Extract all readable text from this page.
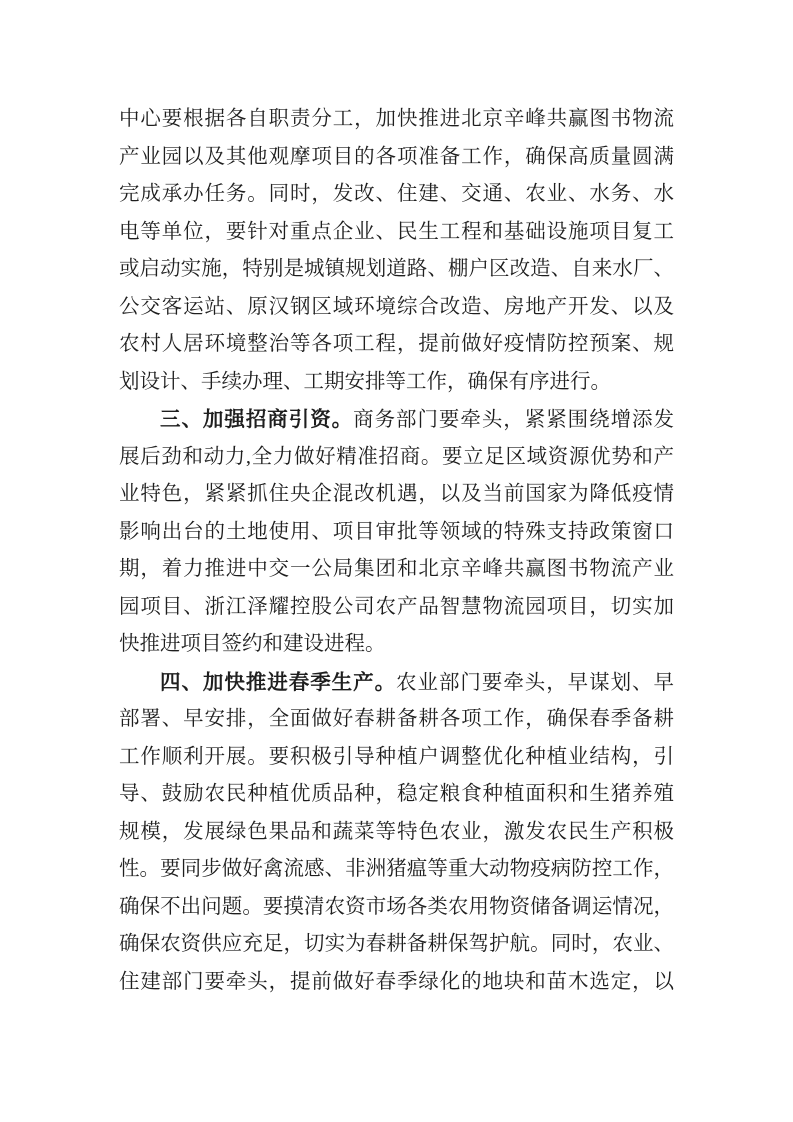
中心要根据各自职责分工，加快推进北京辛峰共赢图书物流
产业园以及其他观摩项目的各项准备工作，确保高质量圆满
完成承办任务。同时，发改、住建、交通、农业、水务、水
电等单位，要针对重点企业、民生工程和基础设施项目复工
或启动实施，特别是城镇规划道路、棚户区改造、自来水厂、
公交客运站、原汉钢区域环境综合改造、房地产开发、以及
农村人居环境整治等各项工程，提前做好疫情防控预案、规
划设计、手续办理、工期安排等工作，确保有序进行。
三、加强招商引资。商务部门要牵头，紧紧围绕增添发
展后劲和动力,全力做好精准招商。要立足区域资源优势和产
业特色，紧紧抓住央企混改机遇，以及当前国家为降低疫情
影响出台的土地使用、项目审批等领域的特殊支持政策窗口
期，着力推进中交一公局集团和北京辛峰共赢图书物流产业
园项目、浙江泽耀控股公司农产品智慧物流园项目，切实加
快推进项目签约和建设进程。
四、加快推进春季生产。农业部门要牵头，早谋划、早
部署、早安排，全面做好春耕备耕各项工作，确保春季备耕
工作顺利开展。要积极引导种植户调整优化种植业结构，引
导、鼓励农民种植优质品种，稳定粮食种植面积和生猪养殖
规模，发展绿色果品和蔬菜等特色农业，激发农民生产积极
性。要同步做好禽流感、非洲猪瘟等重大动物疫病防控工作，
确保不出问题。要摸清农资市场各类农用物资储备调运情况，
确保农资供应充足，切实为春耕备耕保驾护航。同时，农业、
住建部门要牵头，提前做好春季绿化的地块和苗木选定，以
